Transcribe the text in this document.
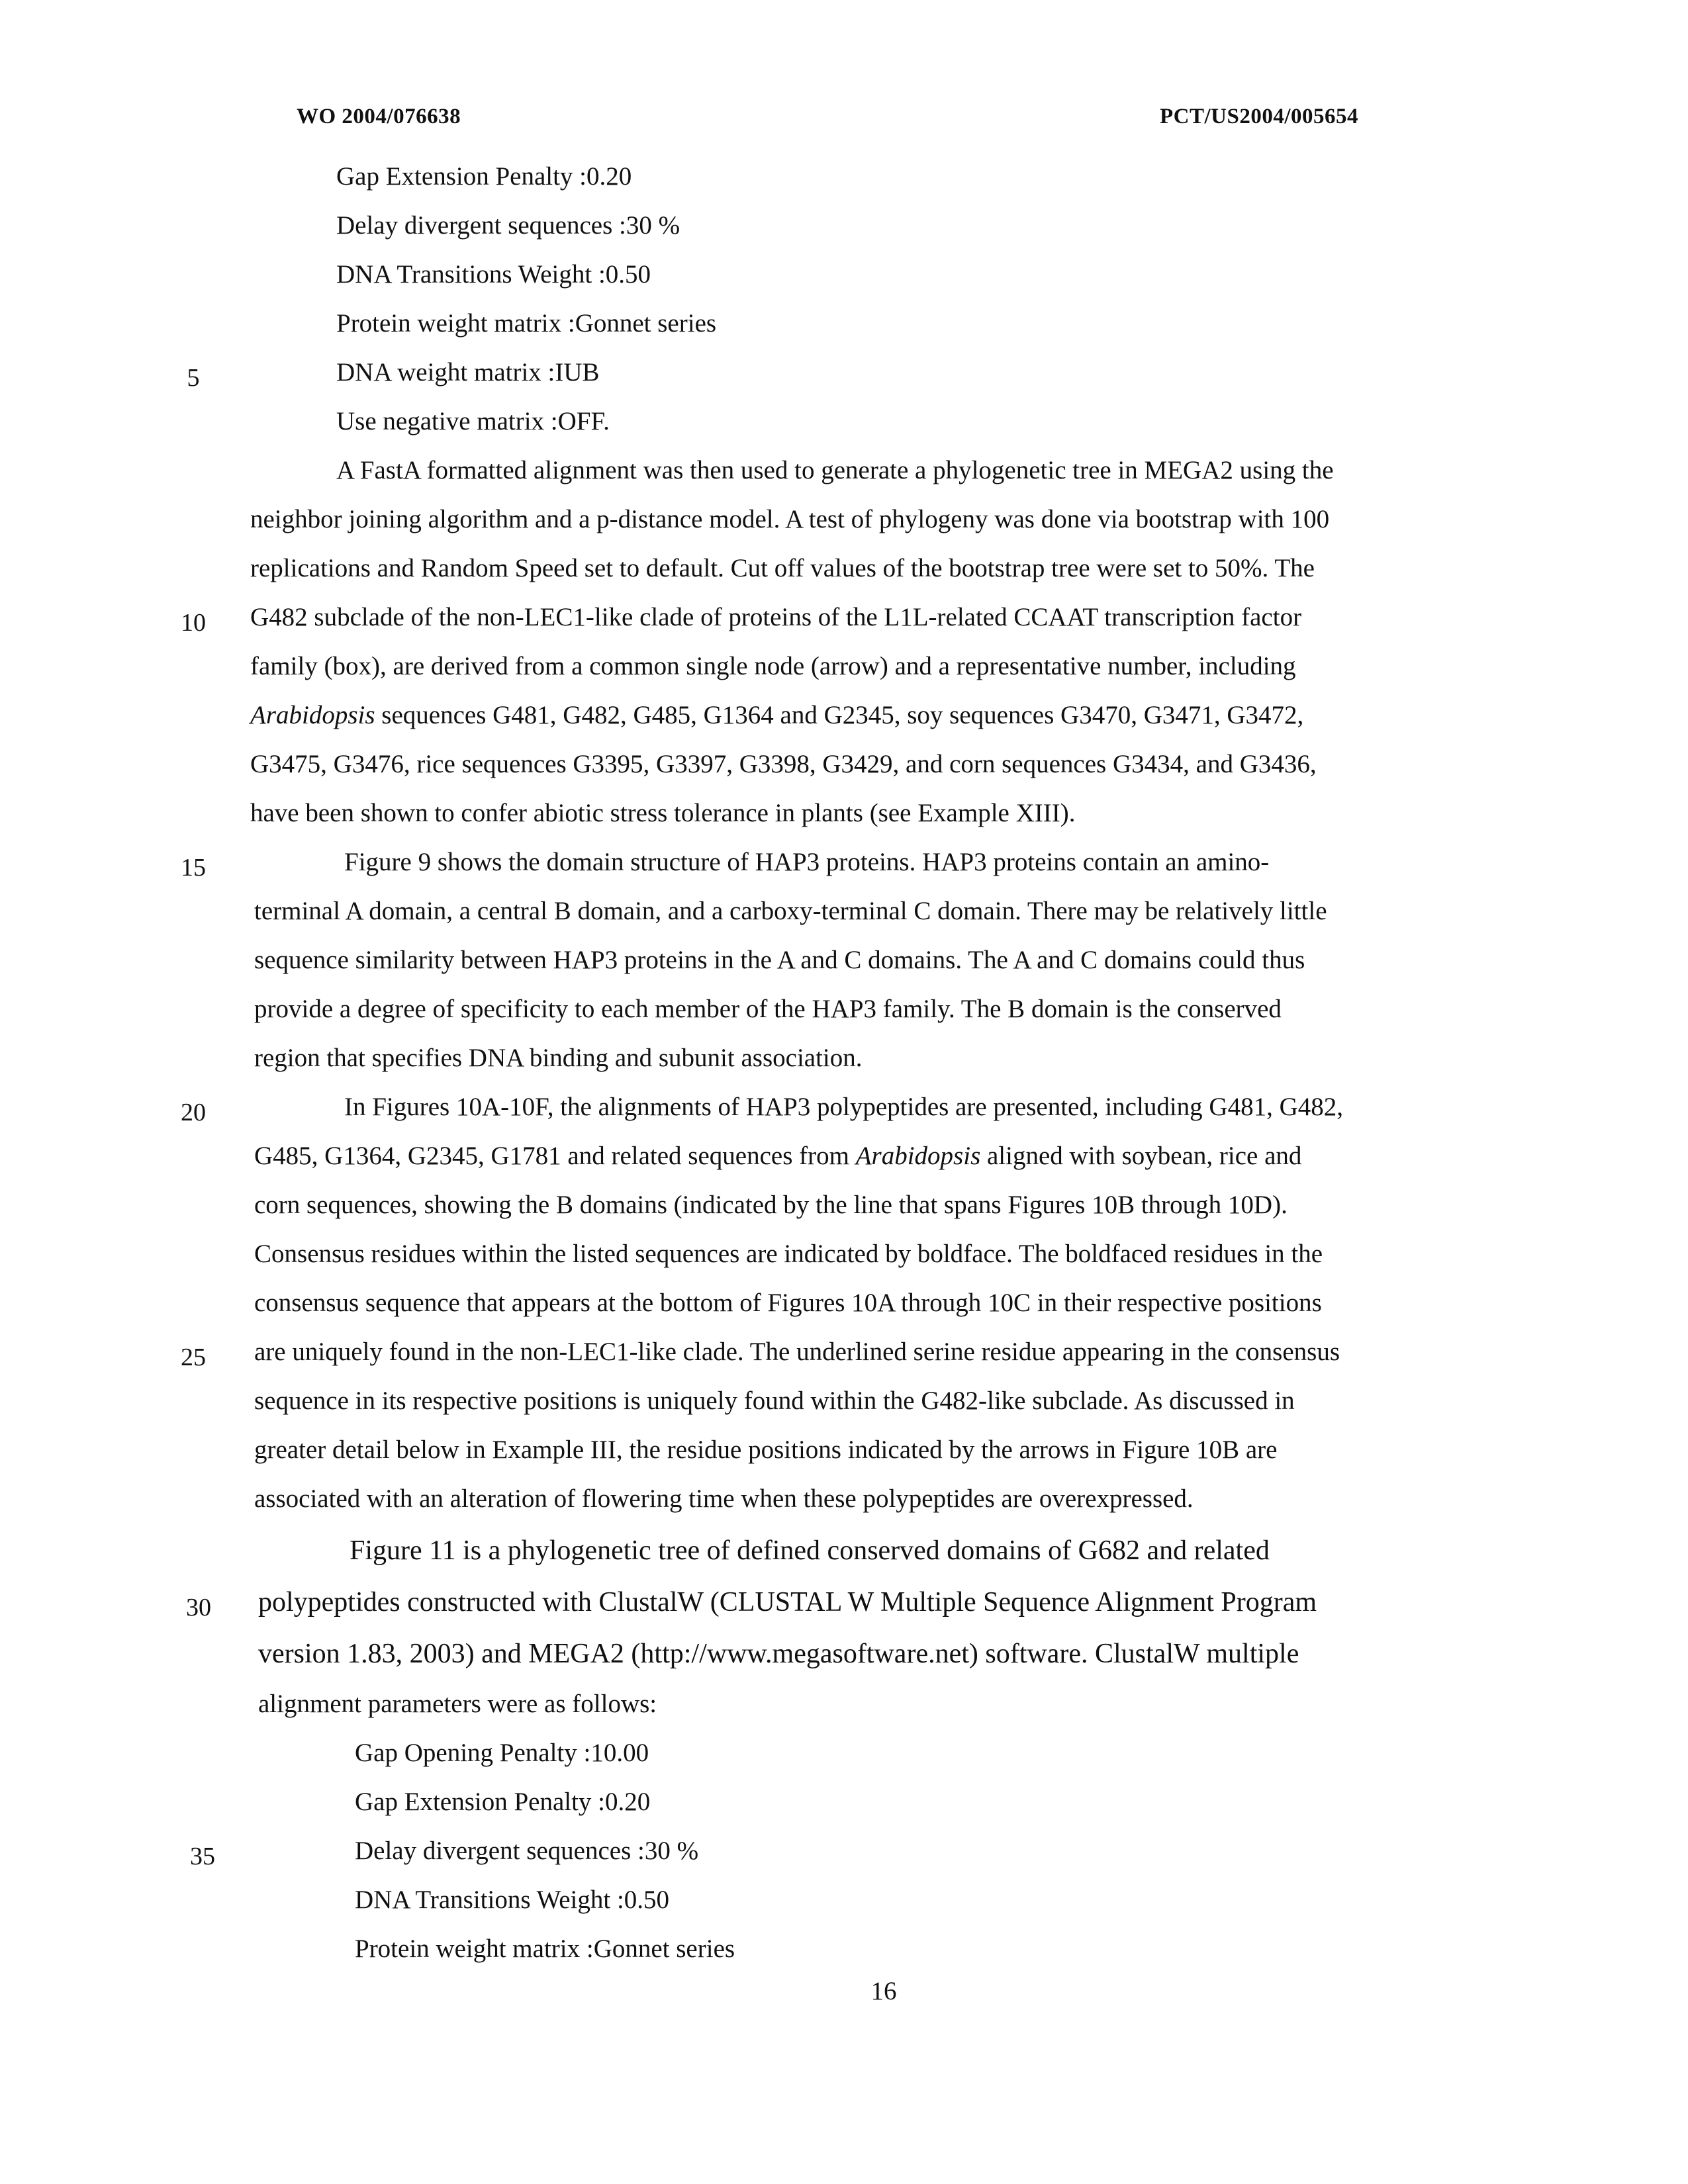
WO 2004/076638	PCT/US2004/005654
Gap Extension Penalty :0.20
Delay divergent sequences :30 %
DNA Transitions Weight :0.50
Protein weight matrix :Gonnet series
DNA weight matrix :IUB
Use negative matrix :OFF.
A FastA formatted alignment was then used to generate a phylogenetic tree in MEGA2 using the
neighbor joining algorithm and a p-distance model. A test of phylogeny was done via bootstrap with 100
replications and Random Speed set to default. Cut off values of the bootstrap tree were set to 50%. The
G482 subclade of the non-LEC1-like clade of proteins of the L1L-related CCAAT transcription factor
family (box), are derived from a common single node (arrow) and a representative number, including
Arabidopsis sequences G481, G482, G485, G1364 and G2345, soy sequences G3470, G3471, G3472,
G3475, G3476, rice sequences G3395, G3397, G3398, G3429, and corn sequences G3434, and G3436,
have been shown to confer abiotic stress tolerance in plants (see Example XIII).
Figure 9 shows the domain structure of HAP3 proteins. HAP3 proteins contain an amino-
terminal A domain, a central B domain, and a carboxy-terminal C domain. There may be relatively little
sequence similarity between HAP3 proteins in the A and C domains. The A and C domains could thus
provide a degree of specificity to each member of the HAP3 family. The B domain is the conserved
region that specifies DNA binding and subunit association.
In Figures 10A-10F, the alignments of HAP3 polypeptides are presented, including G481, G482,
G485, G1364, G2345, G1781 and related sequences from Arabidopsis aligned with soybean, rice and
corn sequences, showing the B domains (indicated by the line that spans Figures 10B through 10D).
Consensus residues within the listed sequences are indicated by boldface. The boldfaced residues in the
consensus sequence that appears at the bottom of Figures 10A through 10C in their respective positions
are uniquely found in the non-LEC1-like clade. The underlined serine residue appearing in the consensus
sequence in its respective positions is uniquely found within the G482-like subclade. As discussed in
greater detail below in Example III, the residue positions indicated by the arrows in Figure 10B are
associated with an alteration of flowering time when these polypeptides are overexpressed.
Figure 11 is a phylogenetic tree of defined conserved domains of G682 and related
polypeptides constructed with ClustalW (CLUSTAL W Multiple Sequence Alignment Program
version 1.83, 2003) and MEGA2 (http://www.megasoftware.net) software. ClustalW multiple
alignment parameters were as follows:
Gap Opening Penalty :10.00
Gap Extension Penalty :0.20
Delay divergent sequences :30 %
DNA Transitions Weight :0.50
Protein weight matrix :Gonnet series
5
10
15
20
25
30
35
16
